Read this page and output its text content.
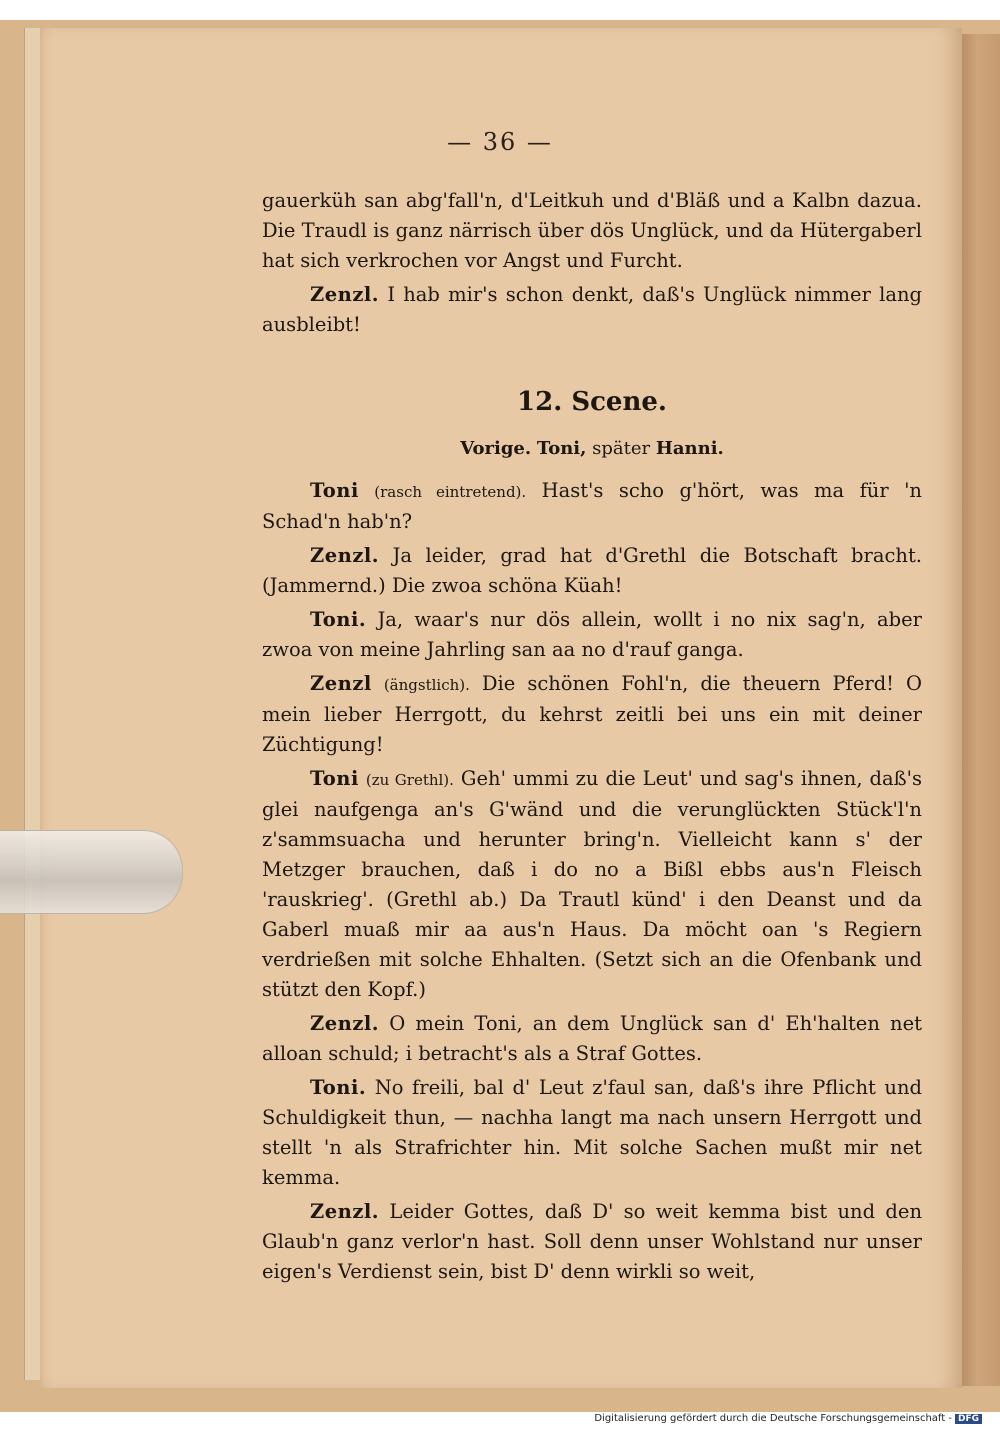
— 36 —

gauerküh san abg'fall'n, d'Leitkuh und d'Bläß und a Kalbn dazua. Die Traudl is ganz närrisch über dös Unglück, und da Hütergaberl hat sich verkrochen vor Angst und Furcht.

Zenzl. I hab mir's schon denkt, daß's Unglück nimmer lang ausbleibt!

12. Scene.
Vorige. Toni, später Hanni.

Toni (rasch eintretend). Hast's scho g'hört, was ma für 'n Schad'n hab'n?

Zenzl. Ja leider, grad hat d'Grethl die Botschaft bracht. (Jammernd.) Die zwoa schöna Küah!

Toni. Ja, waar's nur dös allein, wollt i no nix sag'n, aber zwoa von meine Jahrling san aa no d'rauf ganga.

Zenzl (ängstlich). Die schönen Fohl'n, die theuern Pferd! O mein lieber Herrgott, du kehrst zeitli bei uns ein mit deiner Züchtigung!

Toni (zu Grethl). Geh' ummi zu die Leut' und sag's ihnen, daß's glei naufgenga an's G'wänd und die verunglückten Stück'l'n z'sammsuacha und herunter bring'n. Vielleicht kann s' der Metzger brauchen, daß i do no a Bißl ebbs aus'n Fleisch 'rauskrieg'. (Grethl ab.) Da Trautl künd' i den Deanst und da Gaberl muaß mir aa aus'n Haus. Da möcht oan 's Regiern verdrießen mit solche Ehhalten. (Setzt sich an die Ofenbank und stützt den Kopf.)

Zenzl. O mein Toni, an dem Unglück san d' Eh'halten net alloan schuld; i betracht's als a Straf Gottes.

Toni. No freili, bal d' Leut z'faul san, daß's ihre Pflicht und Schuldigkeit thun, — nachha langt ma nach unsern Herrgott und stellt 'n als Strafrichter hin. Mit solche Sachen mußt mir net kemma.

Zenzl. Leider Gottes, daß D' so weit kemma bist und den Glaub'n ganz verlor'n hast. Soll denn unser Wohlstand nur unser eigen's Verdienst sein, bist D' denn wirkli so weit,

Digitalisierung gefördert durch die Deutsche Forschungsgemeinschaft - DFG
